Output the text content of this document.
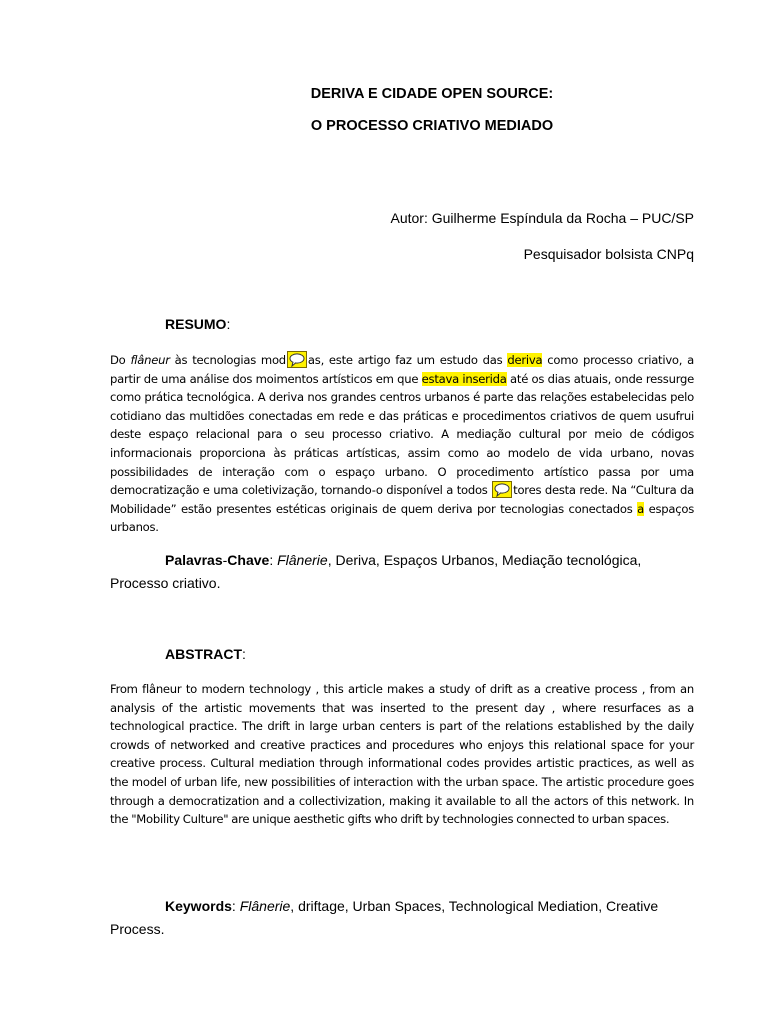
DERIVA E CIDADE OPEN SOURCE:
O PROCESSO CRIATIVO MEDIADO
Autor: Guilherme Espíndula da Rocha – PUC/SP
Pesquisador bolsista CNPq
RESUMO:
Do flâneur às tecnologias mod as, este artigo faz um estudo das deriva como processo criativo, a partir de uma análise dos moimentos artísticos em que estava inserida até os dias atuais, onde ressurge como prática tecnológica. A deriva nos grandes centros urbanos é parte das relações estabelecidas pelo cotidiano das multidões conectadas em rede e das práticas e procedimentos criativos de quem usufrui deste espaço relacional para o seu processo criativo. A mediação cultural por meio de códigos informacionais proporciona às práticas artísticas, assim como ao modelo de vida urbano, novas possibilidades de interação com o espaço urbano. O procedimento artístico passa por uma democratização e uma coletivização, tornando-o disponível a todos
tores desta rede. Na “Cultura da Mobilidade” estão presentes estéticas originais de quem deriva por tecnologias conectados a espaços urbanos.
Palavras-Chave: Flânerie, Deriva, Espaços Urbanos, Mediação tecnológica, Processo criativo.
ABSTRACT:
From flâneur to modern technology , this article makes a study of drift as a creative process , from an analysis of the artistic movements that was inserted to the present day , where resurfaces as a technological practice. The drift in large urban centers is part of the relations established by the daily crowds of networked and creative practices and procedures who enjoys this relational space for your creative process. Cultural mediation through informational codes provides artistic practices, as well as the model of urban life, new possibilities of interaction with the urban space. The artistic procedure goes through a democratization and a collectivization, making it available to all the actors of this network. In the "Mobility Culture" are unique aesthetic gifts who drift by technologies connected to urban spaces.
Keywords: Flânerie, driftage, Urban Spaces, Technological Mediation, Creative Process.
